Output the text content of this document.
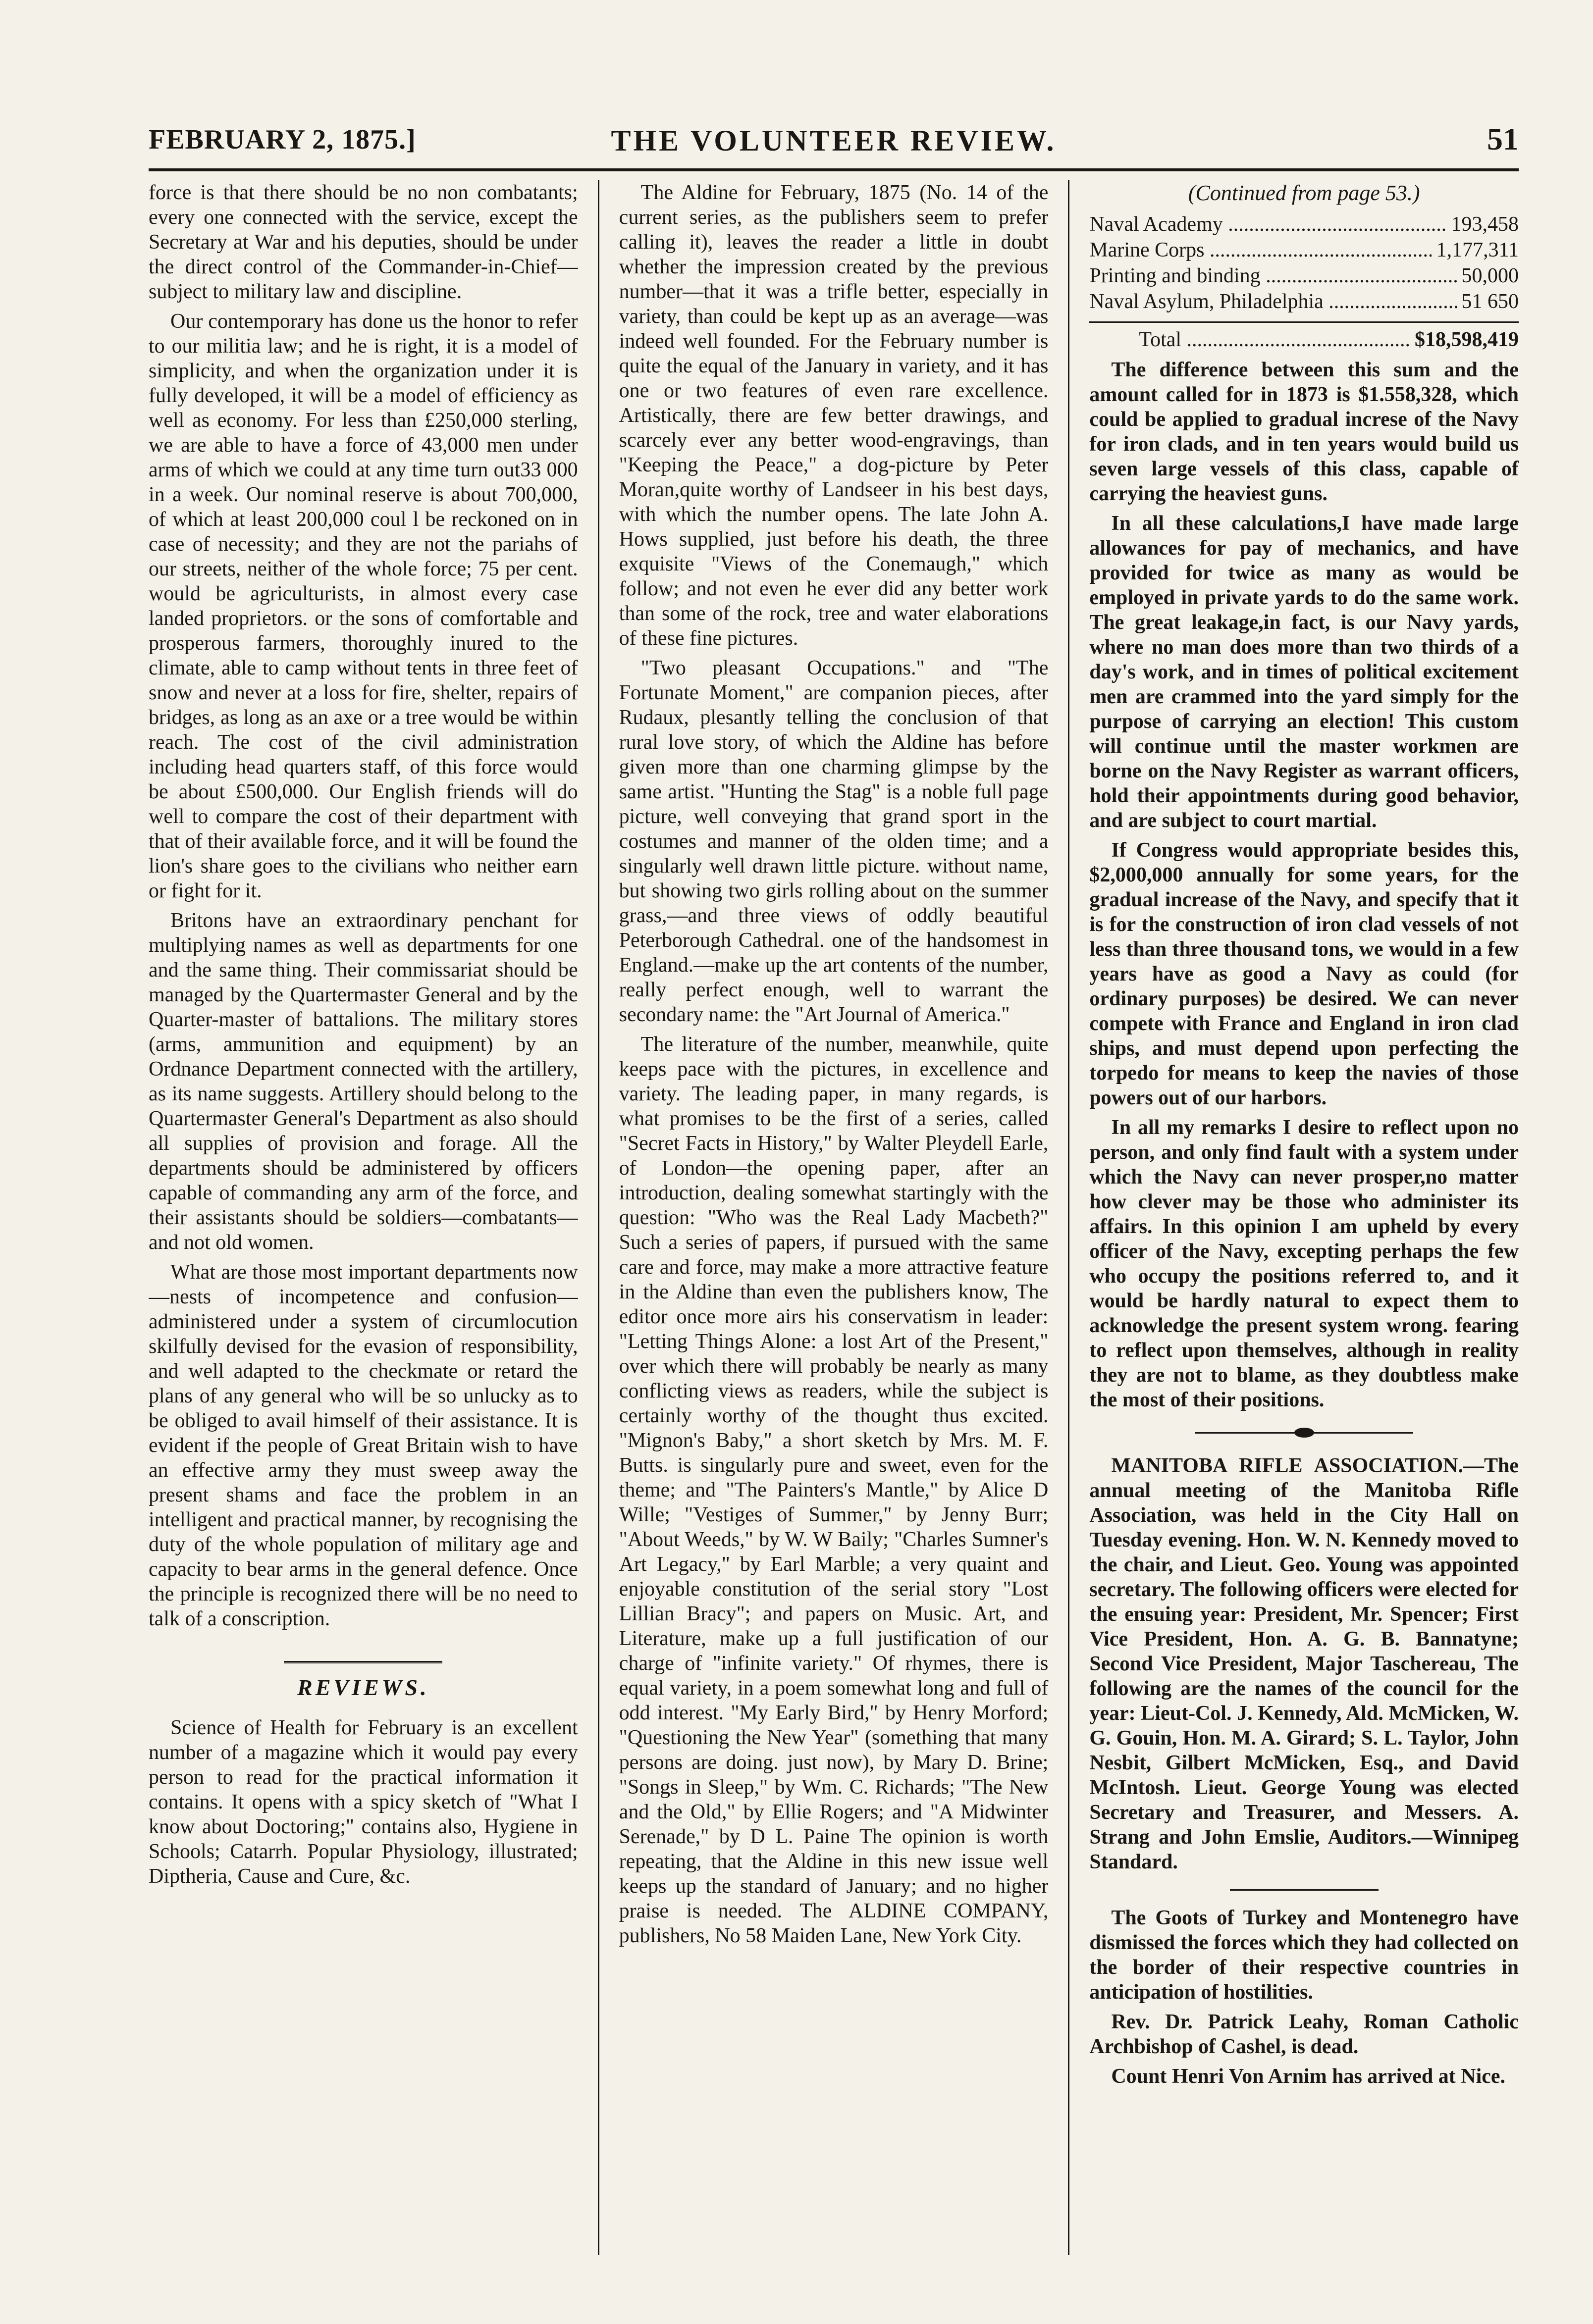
FEBRUARY 2, 1875.]	THE VOLUNTEER REVIEW.	51

force is that there should be no non combatants; every one connected with the service, except the Secretary at War and his deputies, should be under the direct control of the Commander-in-Chief—subject to military law and discipline.

Our contemporary has done us the honor to refer to our militia law; and he is right, it is a model of simplicity, and when the organization under it is fully developed, it will be a model of efficiency as well as economy. For less than £250,000 sterling, we are able to have a force of 43,000 men under arms of which we could at any time turn out33 000 in a week. Our nominal reserve is about 700,000, of which at least 200,000 coul l be reckoned on in case of necessity; and they are not the pariahs of our streets, neither of the whole force; 75 per cent. would be agriculturists, in almost every case landed proprietors. or the sons of comfortable and prosperous farmers, thoroughly inured to the climate, able to camp without tents in three feet of snow and never at a loss for fire, shelter, repairs of bridges, as long as an axe or a tree would be within reach. The cost of the civil administration including head quarters staff, of this force would be about £500,000. Our English friends will do well to compare the cost of their department with that of their available force, and it will be found the lion's share goes to the civilians who neither earn or fight for it.

Britons have an extraordinary penchant for multiplying names as well as departments for one and the same thing. Their commissariat should be managed by the Quartermaster General and by the Quarter-master of battalions. The military stores (arms, ammunition and equipment) by an Ordnance Department connected with the artillery, as its name suggests. Artillery should belong to the Quartermaster General's Department as also should all supplies of provision and forage. All the departments should be administered by officers capable of commanding any arm of the force, and their assistants should be soldiers—combatants—and not old women.

What are those most important departments now—nests of incompetence and confusion—administered under a system of circumlocution skilfully devised for the evasion of responsibility, and well adapted to the checkmate or retard the plans of any general who will be so unlucky as to be obliged to avail himself of their assistance. It is evident if the people of Great Britain wish to have an effective army they must sweep away the present shams and face the problem in an intelligent and practical manner, by recognising the duty of the whole population of military age and capacity to bear arms in the general defence. Once the principle is recognized there will be no need to talk of a conscription.

REVIEWS.

Science of Health for February is an excellent number of a magazine which it would pay every person to read for the practical information it contains. It opens with a spicy sketch of "What I know about Doctoring;" contains also, Hygiene in Schools; Catarrh. Popular Physiology, illustrated; Diptheria, Cause and Cure, &c.

The Aldine for February, 1875 (No. 14 of the current series, as the publishers seem to prefer calling it), leaves the reader a little in doubt whether the impression created by the previous number—that it was a trifle better, especially in variety, than could be kept up as an average—was indeed well founded. For the February number is quite the equal of the January in variety, and it has one or two features of even rare excellence. Artistically, there are few better drawings, and scarcely ever any better wood-engravings, than "Keeping the Peace," a dog-picture by Peter Moran,quite worthy of Landseer in his best days, with which the number opens. The late John A. Hows supplied, just before his death, the three exquisite "Views of the Conemaugh," which follow; and not even he ever did any better work than some of the rock, tree and water elaborations of these fine pictures.

"Two pleasant Occupations." and "The Fortunate Moment," are companion pieces, after Rudaux, plesantly telling the conclusion of that rural love story, of which the Aldine has before given more than one charming glimpse by the same artist. "Hunting the Stag" is a noble full page picture, well conveying that grand sport in the costumes and manner of the olden time; and a singularly well drawn little picture. without name, but showing two girls rolling about on the summer grass,—and three views of oddly beautiful Peterborough Cathedral. one of the handsomest in England.—make up the art contents of the number, really perfect enough, well to warrant the secondary name: the "Art Journal of America."

The literature of the number, meanwhile, quite keeps pace with the pictures, in excellence and variety. The leading paper, in many regards, is what promises to be the first of a series, called "Secret Facts in History," by Walter Pleydell Earle, of London—the opening paper, after an introduction, dealing somewhat startingly with the question: "Who was the Real Lady Macbeth?" Such a series of papers, if pursued with the same care and force, may make a more attractive feature in the Aldine than even the publishers know, The editor once more airs his conservatism in leader: "Letting Things Alone: a lost Art of the Present," over which there will probably be nearly as many conflicting views as readers, while the subject is certainly worthy of the thought thus excited. "Mignon's Baby," a short sketch by Mrs. M. F. Butts. is singularly pure and sweet, even for the theme; and "The Painters's Mantle," by Alice D Wille; "Vestiges of Summer," by Jenny Burr; "About Weeds," by W. W Baily; "Charles Sumner's Art Legacy," by Earl Marble; a very quaint and enjoyable constitution of the serial story "Lost Lillian Bracy"; and papers on Music. Art, and Literature, make up a full justification of our charge of "infinite variety." Of rhymes, there is equal variety, in a poem somewhat long and full of odd interest. "My Early Bird," by Henry Morford; "Questioning the New Year" (something that many persons are doing. just now), by Mary D. Brine; "Songs in Sleep," by Wm. C. Richards; "The New and the Old," by Ellie Rogers; and "A Midwinter Serenade," by D L. Paine The opinion is worth repeating, that the Aldine in this new issue well keeps up the standard of January; and no higher praise is needed. The ALDINE COMPANY, publishers, No 58 Maiden Lane, New York City.

(Continued from page 53.)
Naval Academy .....	193,458
Marine Corps .....	1,177,311
Printing and binding .....	50,000
Naval Asylum, Philadelphia .....	51 650
Total .....	$18,598,419

The difference between this sum and the amount called for in 1873 is $1.558,328, which could be applied to gradual increse of the Navy for iron clads, and in ten years would build us seven large vessels of this class, capable of carrying the heaviest guns.

In all these calculations,I have made large allowances for pay of mechanics, and have provided for twice as many as would be employed in private yards to do the same work. The great leakage,in fact, is our Navy yards, where no man does more than two thirds of a day's work, and in times of political excitement men are crammed into the yard simply for the purpose of carrying an election! This custom will continue until the master workmen are borne on the Navy Register as warrant officers, hold their appointments during good behavior, and are subject to court martial.

If Congress would appropriate besides this, $2,000,000 annually for some years, for the gradual increase of the Navy, and specify that it is for the construction of iron clad vessels of not less than three thousand tons, we would in a few years have as good a Navy as could (for ordinary purposes) be desired. We can never compete with France and England in iron clad ships, and must depend upon perfecting the torpedo for means to keep the navies of those powers out of our harbors.

In all my remarks I desire to reflect upon no person, and only find fault with a system under which the Navy can never prosper,no matter how clever may be those who administer its affairs. In this opinion I am upheld by every officer of the Navy, excepting perhaps the few who occupy the positions referred to, and it would be hardly natural to expect them to acknowledge the present system wrong. fearing to reflect upon themselves, although in reality they are not to blame, as they doubtless make the most of their positions.

MANITOBA RIFLE ASSOCIATION.—The annual meeting of the Manitoba Rifle Association, was held in the City Hall on Tuesday evening. Hon. W. N. Kennedy moved to the chair, and Lieut. Geo. Young was appointed secretary. The following officers were elected for the ensuing year: President, Mr. Spencer; First Vice President, Hon. A. G. B. Bannatyne; Second Vice President, Major Taschereau, The following are the names of the council for the year: Lieut-Col. J. Kennedy, Ald. McMicken, W. G. Gouin, Hon. M. A. Girard; S. L. Taylor, John Nesbit, Gilbert McMicken, Esq., and David McIntosh. Lieut. George Young was elected Secretary and Treasurer, and Messers. A. Strang and John Emslie, Auditors.—Winnipeg Standard.

The Goots of Turkey and Montenegro have dismissed the forces which they had collected on the border of their respective countries in anticipation of hostilities.

Rev. Dr. Patrick Leahy, Roman Catholic Archbishop of Cashel, is dead.

Count Henri Von Arnim has arrived at Nice.
